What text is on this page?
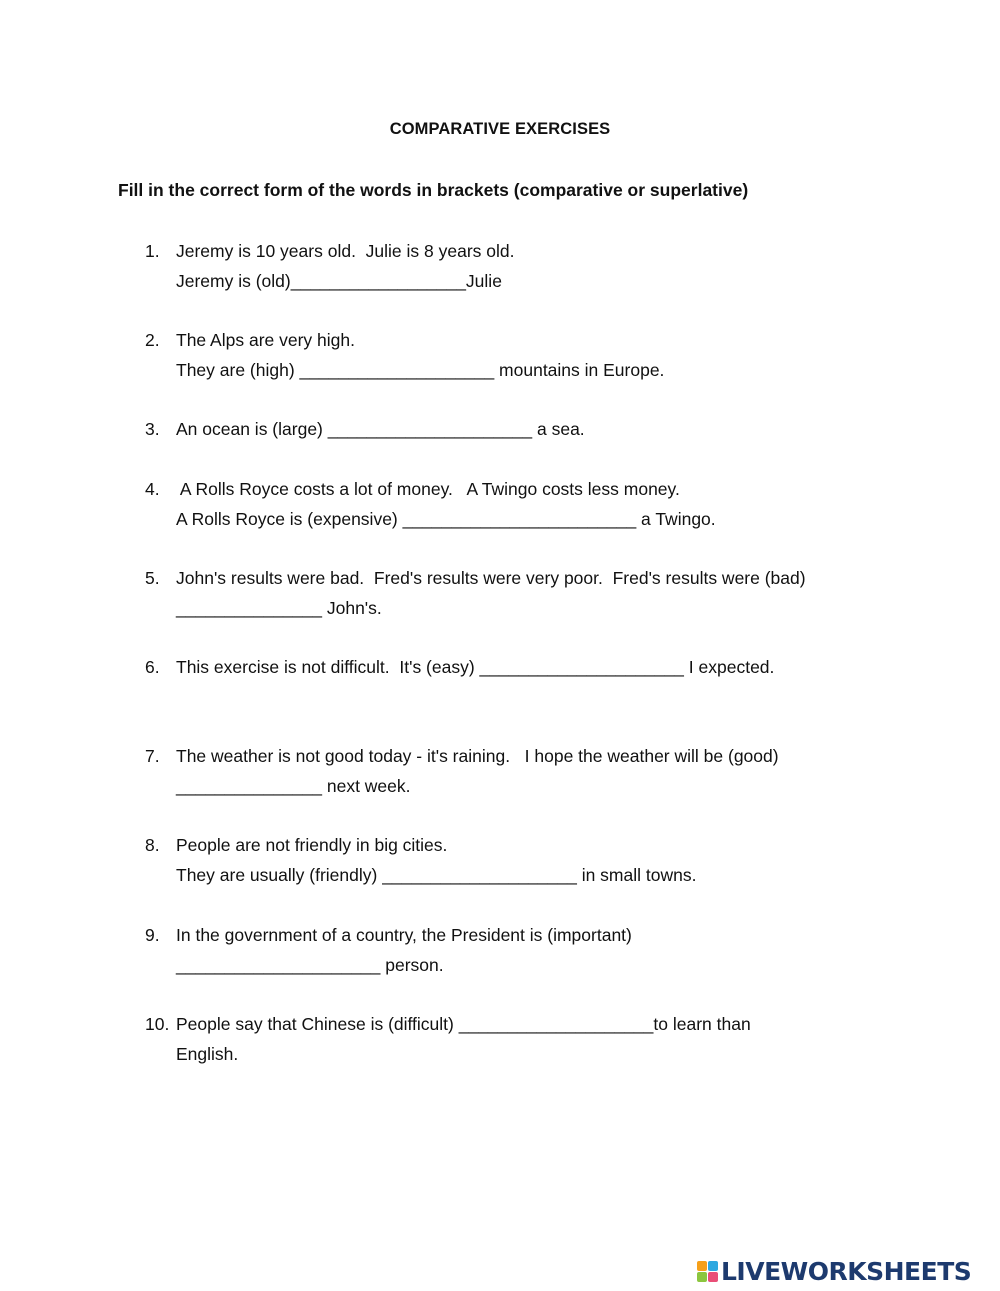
COMPARATIVE EXERCISES
Fill in the correct form of the words in brackets (comparative or superlative)
1. Jeremy is 10 years old.  Julie is 8 years old.
Jeremy is (old)__________________Julie
2. The Alps are very high.
They are (high) ____________________ mountains in Europe.
3. An ocean is (large) _____________________ a sea.
4. A Rolls Royce costs a lot of money.   A Twingo costs less money.
A Rolls Royce is (expensive) ________________________ a Twingo.
5. John's results were bad.  Fred's results were very poor.  Fred's results were (bad)
_______________ John's.
6. This exercise is not difficult.  It's (easy) _____________________ I expected.
7. The weather is not good today - it's raining.   I hope the weather will be (good)
_______________ next week.
8. People are not friendly in big cities.
They are usually (friendly) ____________________ in small towns.
9. In the government of a country, the President is (important)
_____________________ person.
10. People say that Chinese is (difficult) ____________________to learn than
English.
LIVEWORKSHEETS
